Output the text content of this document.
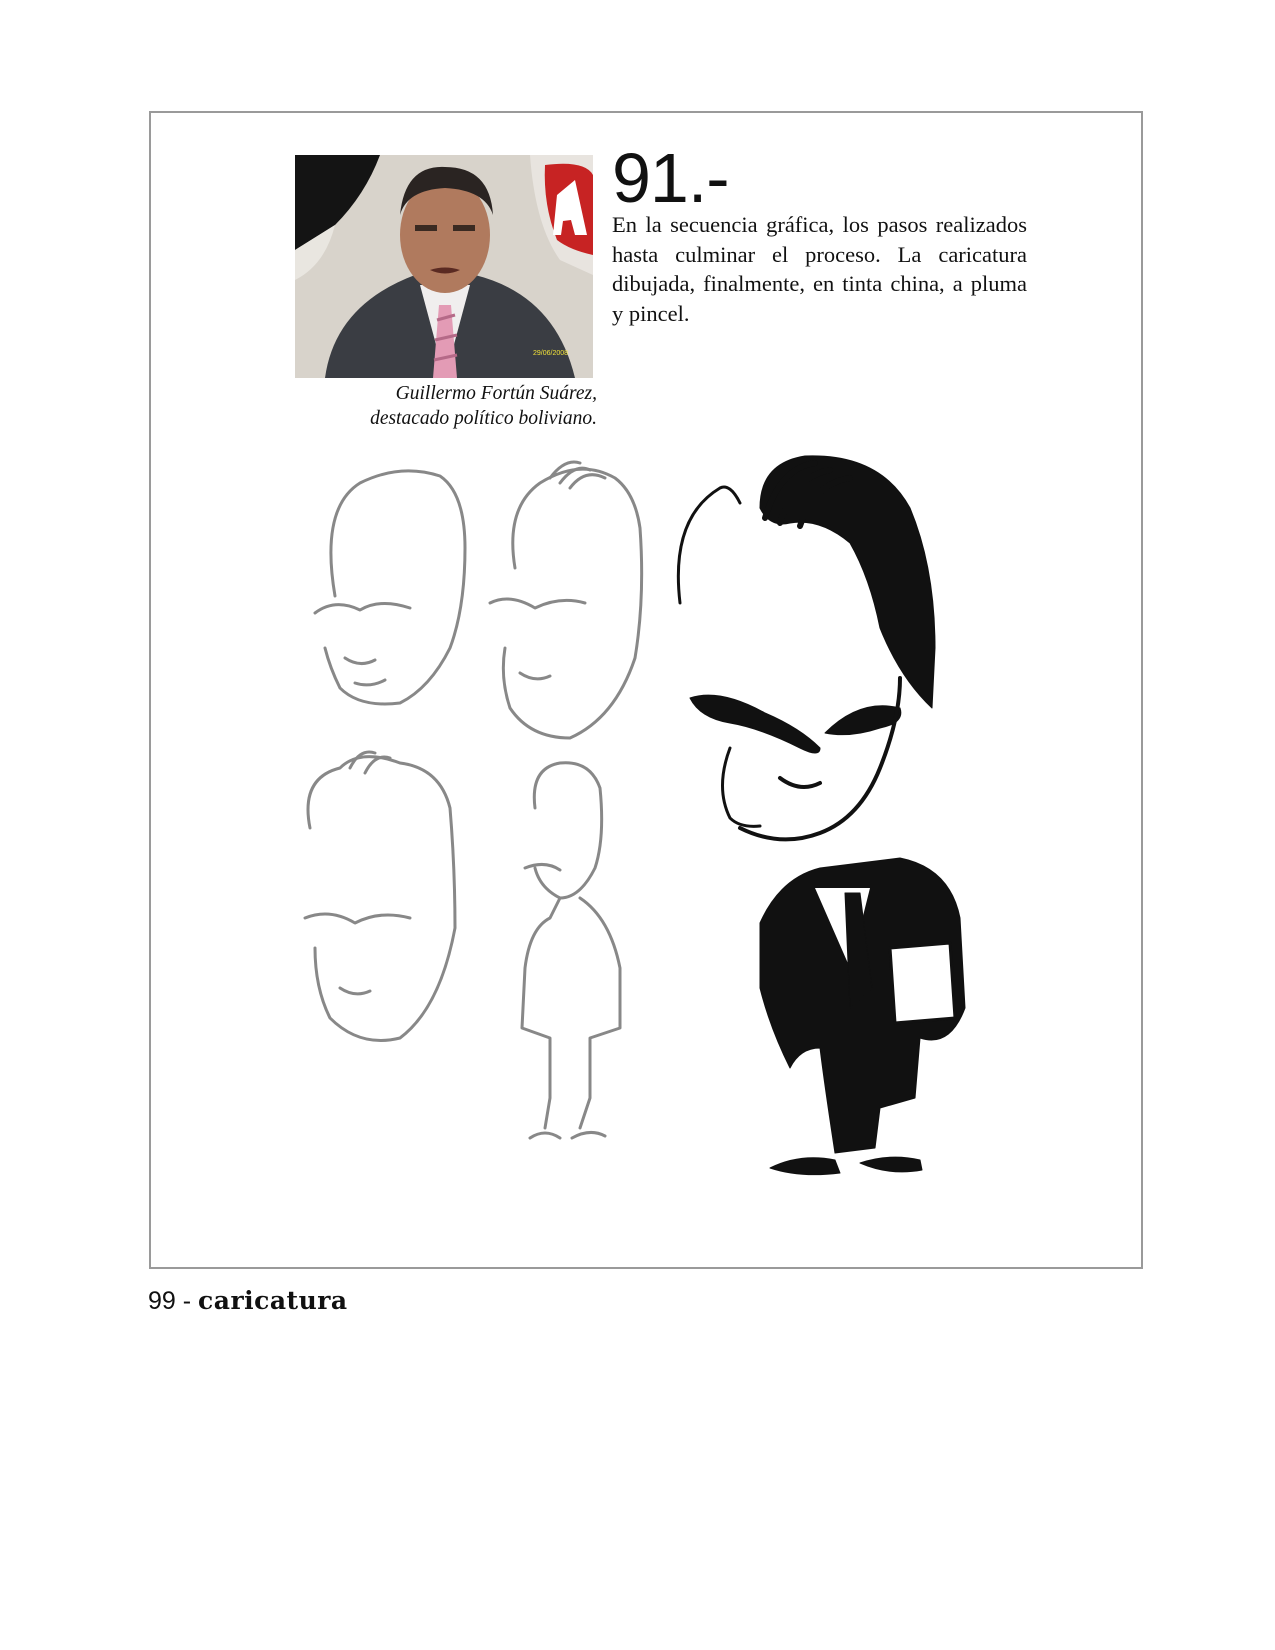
29/06/2008
Guillermo Fortún Suárez,
destacado político boliviano.
91.-
En la secuencia gráfica, los pasos realizados hasta culminar el proceso. La caricatura dibujada, finalmente, en tinta china, a pluma y pincel.
99 - caricatura
